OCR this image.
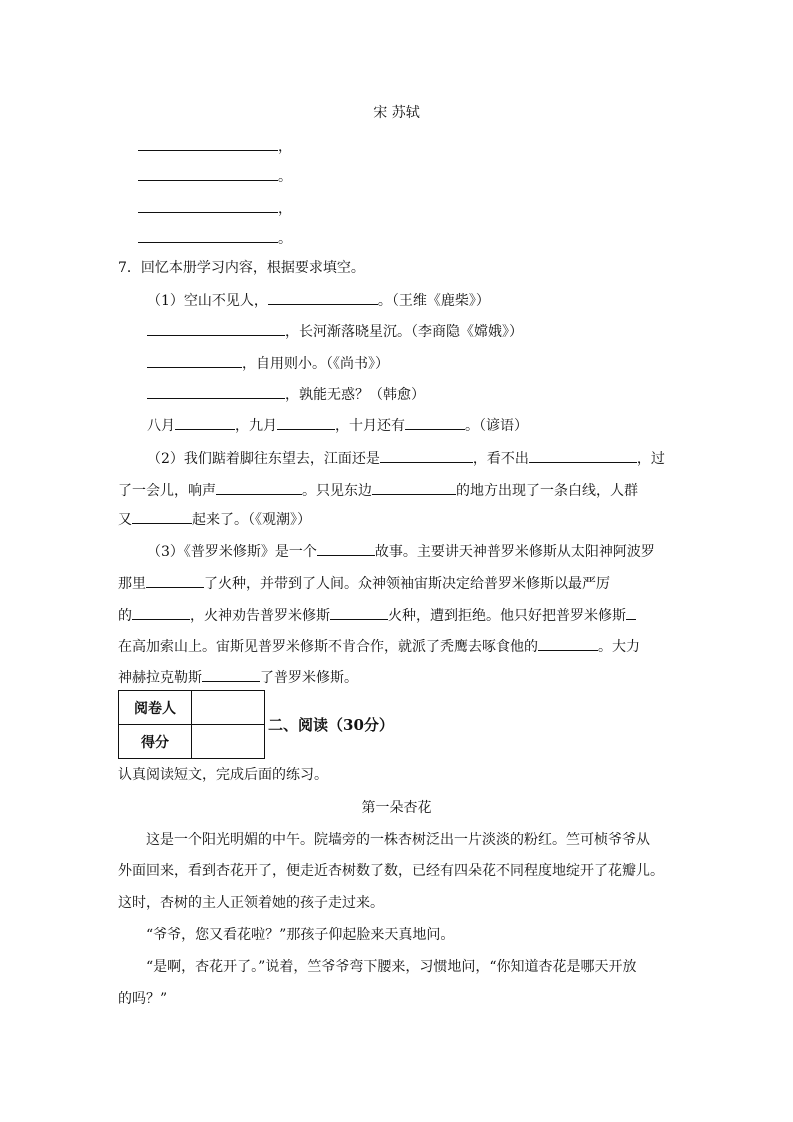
宋 苏轼
，
。
，
。
7．回忆本册学习内容，根据要求填空。
（1）空山不见人，	。（王维《鹿柴》）
，长河渐落晓星沉。（李商隐《嫦娥》）
，自用则小。（《尚书》）
，孰能无惑？（韩愈）
八月	，九月	，十月还有	。（谚语）
（2）我们踮着脚往东望去，江面还是	，看不出	，过
了一会儿，响声	。只见东边	的地方出现了一条白线，人群
又	起来了。（《观潮》）
（3）《普罗米修斯》是一个	故事。主要讲天神普罗米修斯从太阳神阿波罗
那里	了火种，并带到了人间。众神领袖宙斯决定给普罗米修斯以最严厉
的	，火神劝告普罗米修斯	火种，遭到拒绝。他只好把普罗米修斯
在高加索山上。宙斯见普罗米修斯不肯合作，就派了秃鹰去啄食他的	。大力
神赫拉克勒斯	了普罗米修斯。
阅卷人	
得分	
二、阅读（30分）
认真阅读短文，完成后面的练习。
第一朵杏花
　　这是一个阳光明媚的中午。院墙旁的一株杏树泛出一片淡淡的粉红。竺可桢爷爷从
外面回来，看到杏花开了，便走近杏树数了数，已经有四朵花不同程度地绽开了花瓣儿。
这时，杏树的主人正领着她的孩子走过来。
　　“爷爷，您又看花啦？”那孩子仰起脸来天真地问。
　　“是啊，杏花开了。”说着，竺爷爷弯下腰来，习惯地问，“你知道杏花是哪天开放
的吗？”
